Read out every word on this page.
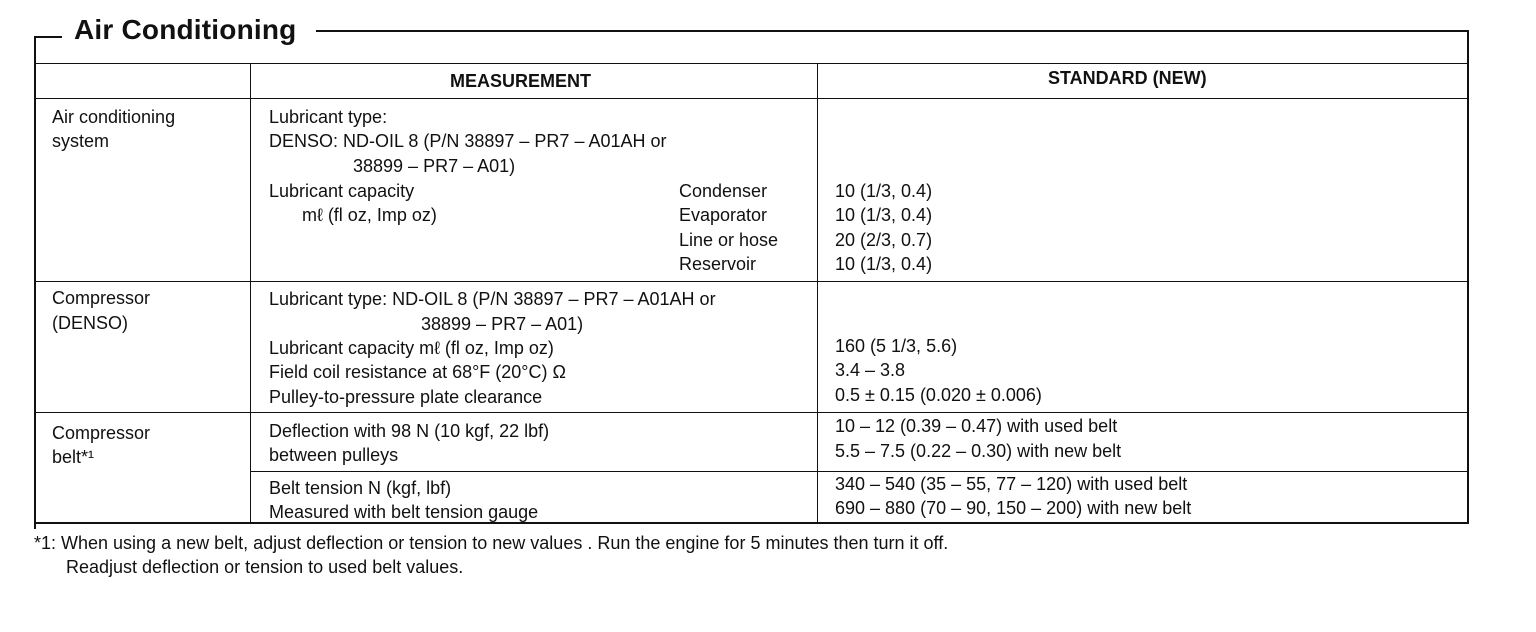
Air Conditioning
MEASUREMENT	STANDARD (NEW)
Air conditioning
system
Lubricant type:
DENSO: ND-OIL 8 (P/N 38897 – PR7 – A01AH or
38899 – PR7 – A01)
Lubricant capacity
mℓ (fl oz, Imp oz)
Condenser
Evaporator
Line or hose
Reservoir
10 (1/3, 0.4)
10 (1/3, 0.4)
20 (2/3, 0.7)
10 (1/3, 0.4)
Compressor
(DENSO)
Lubricant type: ND-OIL 8 (P/N 38897 – PR7 – A01AH or
38899 – PR7 – A01)
Lubricant capacity mℓ (fl oz, Imp oz)
Field coil resistance at 68°F (20°C) Ω
Pulley-to-pressure plate clearance
160 (5 1/3, 5.6)
3.4 – 3.8
0.5 ± 0.15 (0.020 ± 0.006)
Compressor
belt*¹
Deflection with 98 N (10 kgf, 22 lbf)
between pulleys
10 – 12 (0.39 – 0.47) with used belt
5.5 – 7.5 (0.22 – 0.30) with new belt
Belt tension N (kgf, lbf)
Measured with belt tension gauge
340 – 540 (35 – 55, 77 – 120) with used belt
690 – 880 (70 – 90, 150 – 200) with new belt
*1: When using a new belt, adjust deflection or tension to new values . Run the engine for 5 minutes then turn it off.
Readjust deflection or tension to used belt values.
